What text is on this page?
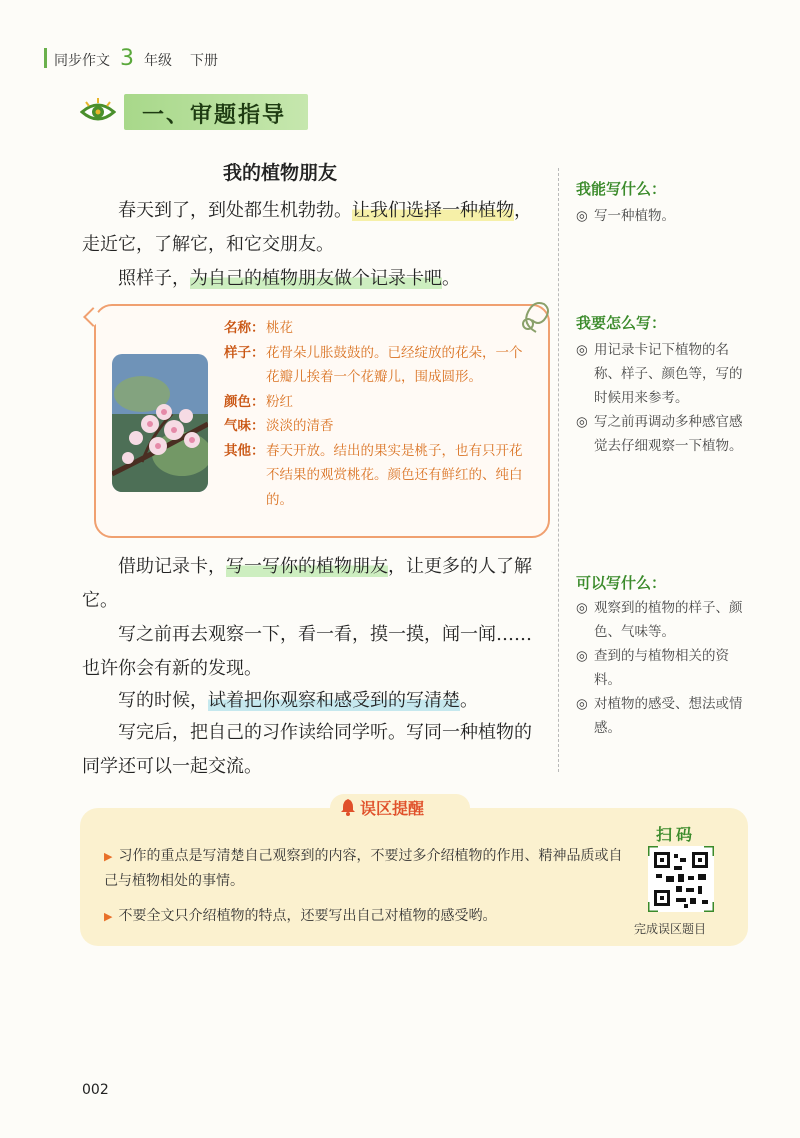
同步作文 3 年级 下册
一、审题指导
我的植物朋友
春天到了，到处都生机勃勃。让我们选择一种植物，走近它，了解它，和它交朋友。
照样子，为自己的植物朋友做个记录卡吧。
名称： 桃花
样子： 花骨朵儿胀鼓鼓的。已经绽放的花朵，一个花瓣儿挨着一个花瓣儿，围成圆形。
颜色： 粉红
气味： 淡淡的清香
其他： 春天开放。结出的果实是桃子，也有只开花不结果的观赏桃花。颜色还有鲜红的、纯白的。
借助记录卡，写一写你的植物朋友，让更多的人了解它。
写之前再去观察一下，看一看，摸一摸，闻一闻……也许你会有新的发现。
写的时候，试着把你观察和感受到的写清楚。
写完后，把自己的习作读给同学听。写同一种植物的同学还可以一起交流。
我能写什么：
◎ 写一种植物。
我要怎么写：
◎ 用记录卡记下植物的名称、样子、颜色等，写的时候用来参考。
◎ 写之前再调动多种感官感觉去仔细观察一下植物。
可以写什么：
◎ 观察到的植物的样子、颜色、气味等。
◎ 查到的与植物相关的资料。
◎ 对植物的感受、想法或情感。
误区提醒
▶ 习作的重点是写清楚自己观察到的内容，不要过多介绍植物的作用、精神品质或自己与植物相处的事情。
▶ 不要全文只介绍植物的特点，还要写出自己对植物的感受哟。
扫码
完成误区题目
002
